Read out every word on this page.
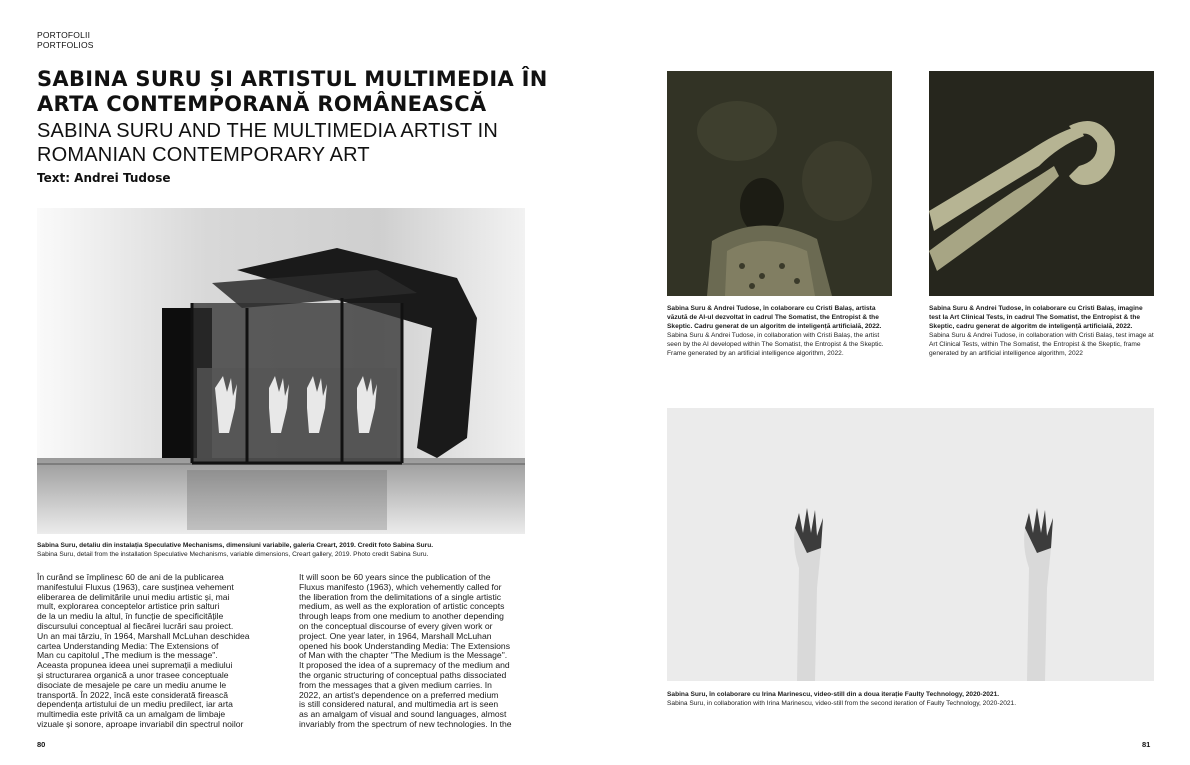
PORTOFOLII
PORTFOLIOS
SABINA SURU ȘI ARTISTUL MULTIMEDIA ÎN
ARTA CONTEMPORANĂ ROMÂNEASCĂ
SABINA SURU AND THE MULTIMEDIA ARTIST IN
ROMANIAN CONTEMPORARY ART
Text: Andrei Tudose
Sabina Suru, detaliu din instalația Speculative Mechanisms, dimensiuni variabile, galeria Creart, 2019. Credit foto Sabina Suru.
Sabina Suru, detail from the installation Speculative Mechanisms, variable dimensions, Creart gallery, 2019. Photo credit Sabina Suru.
În curând se împlinesc 60 de ani de la publicarea
manifestului Fluxus (1963), care susținea vehement
eliberarea de delimitările unui mediu artistic și, mai
mult, explorarea conceptelor artistice prin salturi
de la un mediu la altul, în funcție de specificitățile
discursului conceptual al fiecărei lucrări sau proiect.
Un an mai târziu, în 1964, Marshall McLuhan deschidea
cartea Understanding Media: The Extensions of
Man cu capitolul „The medium is the message".
Aceasta propunea ideea unei supremații a mediului
și structurarea organică a unor trasee conceptuale
disociate de mesajele pe care un mediu anume le
transportă. În 2022, încă este considerată firească
dependența artistului de un mediu predilect, iar arta
multimedia este privită ca un amalgam de limbaje
vizuale și sonore, aproape invariabil din spectrul noilor
It will soon be 60 years since the publication of the
Fluxus manifesto (1963), which vehemently called for
the liberation from the delimitations of a single artistic
medium, as well as the exploration of artistic concepts
through leaps from one medium to another depending
on the conceptual discourse of every given work or
project. One year later, in 1964, Marshall McLuhan
opened his book Understanding Media: The Extensions
of Man with the chapter "The Medium is the Message".
It proposed the idea of a supremacy of the medium and
the organic structuring of conceptual paths dissociated
from the messages that a given medium carries. In
2022, an artist's dependence on a preferred medium
is still considered natural, and multimedia art is seen
as an amalgam of visual and sound languages, almost
invariably from the spectrum of new technologies. In the
80
Sabina Suru & Andrei Tudose, în colaborare cu Cristi Balaș, artista văzută de AI-ul dezvoltat în cadrul The Somatist, the Entropist & the Skeptic. Cadru generat de un algoritm de inteligență artificială, 2022.
Sabina Suru & Andrei Tudose, in collaboration with Cristi Balaș, the artist seen by the AI developed within The Somatist, the Entropist & the Skeptic. Frame generated by an artificial intelligence algorithm, 2022.
Sabina Suru & Andrei Tudose, în colaborare cu Cristi Balaș, imagine test la Art Clinical Tests, în cadrul The Somatist, the Entropist & the Skeptic, cadru generat de algoritm de inteligență artificială, 2022.
Sabina Suru & Andrei Tudose, in collaboration with Cristi Balaș, test image at Art Clinical Tests, within The Somatist, the Entropist & the Skeptic, frame generated by an artificial intelligence algorithm, 2022
Sabina Suru, în colaborare cu Irina Marinescu, video-still din a doua iterație Faulty Technology, 2020-2021.
Sabina Suru, in collaboration with Irina Marinescu, video-still from the second iteration of Faulty Technology, 2020-2021.
81
